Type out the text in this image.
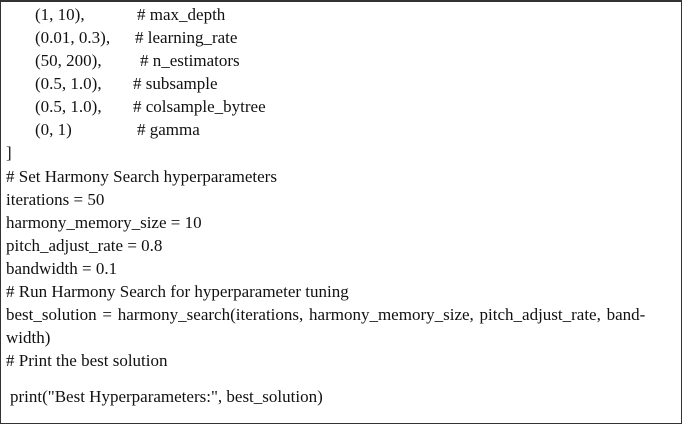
(1, 10),	# max_depth
(0.01, 0.3), # learning_rate
(50, 200), # n_estimators
(0.5, 1.0), # subsample
(0.5, 1.0), # colsample_bytree
(0, 1)	# gamma
]
# Set Harmony Search hyperparameters
iterations = 50
harmony_memory_size = 10
pitch_adjust_rate = 0.8
bandwidth = 0.1
# Run Harmony Search for hyperparameter tuning
best_solution = harmony_search(iterations, harmony_memory_size, pitch_adjust_rate, band-
width)
# Print the best solution
print("Best Hyperparameters:", best_solution)
